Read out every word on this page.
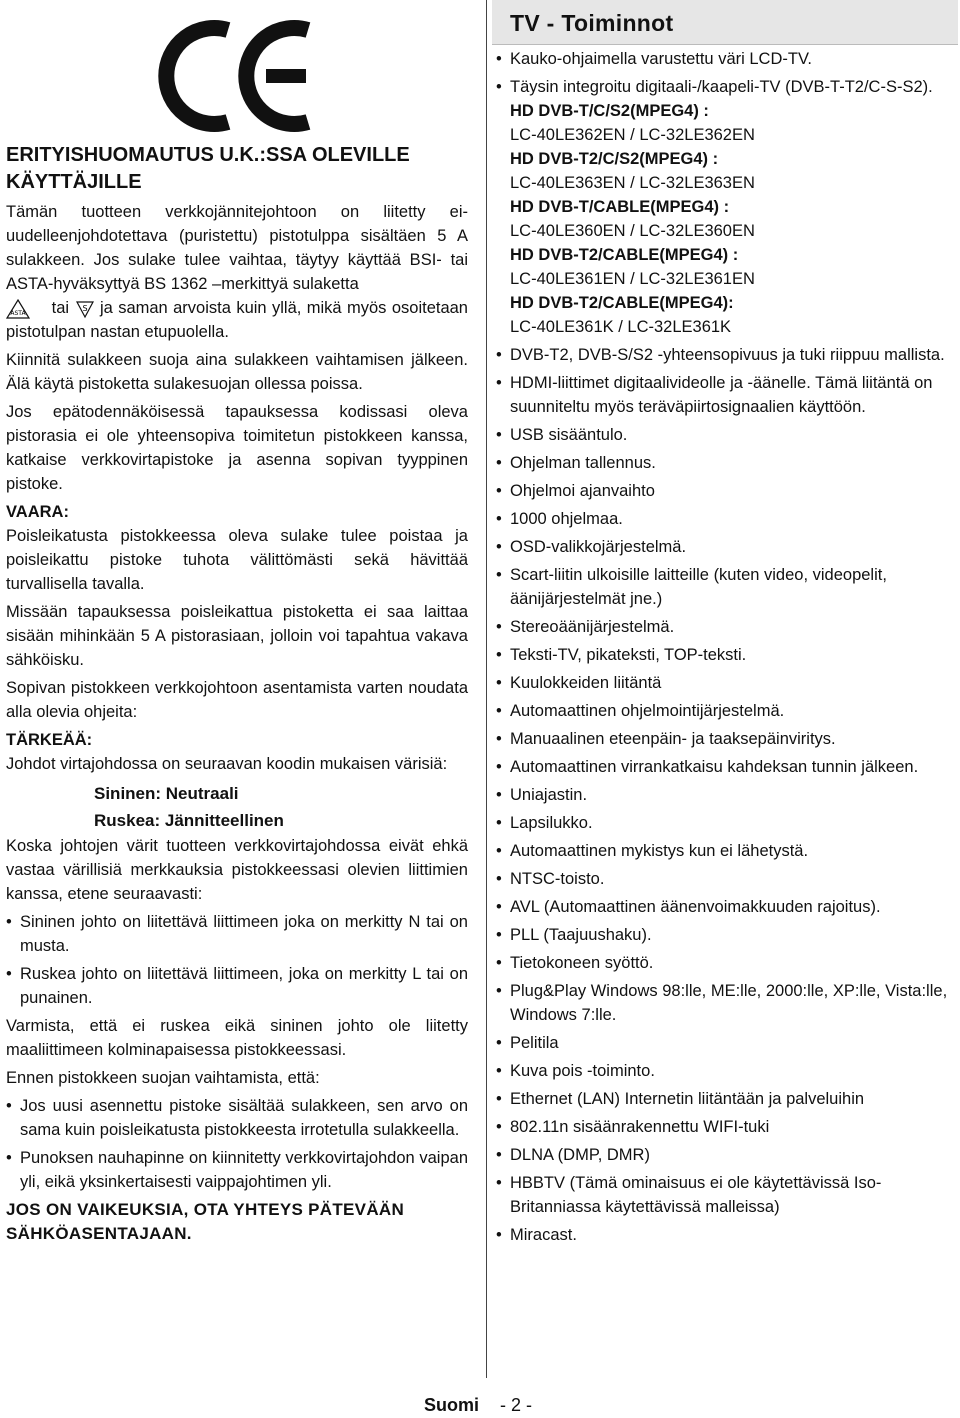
ERITYISHUOMAUTUS U.K.:SSA OLEVILLE KÄYTTÄJILLE

Tämän tuotteen verkkojännitejohtoon on liitetty ei-uudelleenjohdotettava (puristettu) pistotulppa sisältäen 5 A sulakkeen. Jos sulake tulee vaihtaa, täytyy käyttää BSI- tai ASTA-hyväksyttyä BS 1362 –merkittyä sulaketta

ASTA tai S ja saman arvoista kuin yllä, mikä myös osoitetaan pistotulpan nastan etupuolella.

Kiinnitä sulakkeen suoja aina sulakkeen vaihtamisen jälkeen. Älä käytä pistoketta sulakesuojan ollessa poissa.

Jos epätodennäköisessä tapauksessa kodissasi oleva pistorasia ei ole yhteensopiva toimitetun pistokkeen kanssa, katkaise verkkovirtapistoke ja asenna sopivan tyyppinen pistoke.

VAARA:

Poisleikatusta pistokkeessa oleva sulake tulee poistaa ja poisleikattu pistoke tuhota välittömästi sekä hävittää turvallisella tavalla.

Missään tapauksessa poisleikattua pistoketta ei saa laittaa sisään mihinkään 5 A pistorasiaan, jolloin voi tapahtua vakava sähköisku.

Sopivan pistokkeen verkkojohtoon asentamista varten noudata alla olevia ohjeita:

TÄRKEÄÄ:

Johdot virtajohdossa on seuraavan koodin mukaisen värisiä:

Sininen: Neutraali
Ruskea: Jännitteellinen

Koska johtojen värit tuotteen verkkovirtajohdossa eivät ehkä vastaa värillisiä merkkauksia pistokkeessasi olevien liittimien kanssa, etene seuraavasti:

• Sininen johto on liitettävä liittimeen joka on merkitty N tai on musta.

• Ruskea johto on liitettävä liittimeen, joka on merkitty L tai on punainen.

Varmista, että ei ruskea eikä sininen johto ole liitetty maaliittimeen kolminapaisessa pistokkeessasi.

Ennen pistokkeen suojan vaihtamista, että:

• Jos uusi asennettu pistoke sisältää sulakkeen, sen arvo on sama kuin poisleikatusta pistokkeesta irrotetulla sulakkeella.

• Punoksen nauhapinne on kiinnitetty verkkovirtajohdon vaipan yli, eikä yksinkertaisesti vaippajohtimen yli.

JOS ON VAIKEUKSIA, OTA YHTEYS PÄTEVÄÄN SÄHKÖASENTAJAAN.
TV - Toiminnot
• Kauko-ohjaimella varustettu väri LCD-TV.
• Täysin integroitu digitaali-/kaapeli-TV (DVB-T-T2/C-S-S2).
HD DVB-T/C/S2(MPEG4) :
LC-40LE362EN / LC-32LE362EN
HD DVB-T2/C/S2(MPEG4) :
LC-40LE363EN / LC-32LE363EN
HD DVB-T/CABLE(MPEG4) :
LC-40LE360EN / LC-32LE360EN
HD DVB-T2/CABLE(MPEG4) :
LC-40LE361EN / LC-32LE361EN
HD DVB-T2/CABLE(MPEG4):
LC-40LE361K / LC-32LE361K
• DVB-T2, DVB-S/S2 -yhteensopivuus ja tuki riippuu mallista.
• HDMI-liittimet digitaalivideolle ja -äänelle. Tämä liitäntä on suunniteltu myös teräväpiirtosignaalien käyttöön.
• USB sisääntulo.
• Ohjelman tallennus.
• Ohjelmoi ajanvaihto
• 1000 ohjelmaa.
• OSD-valikkojärjestelmä.
• Scart-liitin ulkoisille laitteille (kuten video, videopelit, äänijärjestelmät jne.)
• Stereoäänijärjestelmä.
• Teksti-TV, pikateksti, TOP-teksti.
• Kuulokkeiden liitäntä
• Automaattinen ohjelmointijärjestelmä.
• Manuaalinen eteenpäin- ja taaksepäinviritys.
• Automaattinen virrankatkaisu kahdeksan tunnin jälkeen.
• Uniajastin.
• Lapsilukko.
• Automaattinen mykistys kun ei lähetystä.
• NTSC-toisto.
• AVL (Automaattinen äänenvoimakkuuden rajoitus).
• PLL (Taajuushaku).
• Tietokoneen syöttö.
• Plug&Play Windows 98:lle, ME:lle, 2000:lle, XP:lle, Vista:lle, Windows 7:lle.
• Pelitila
• Kuva pois -toiminto.
• Ethernet (LAN) Internetin liitäntään ja palveluihin
• 802.11n sisäänrakennettu WIFI-tuki
• DLNA (DMP, DMR)
• HBBTV (Tämä ominaisuus ei ole käytettävissä Iso-Britanniassa käytettävissä malleissa)
• Miracast.
Suomi - 2 -
